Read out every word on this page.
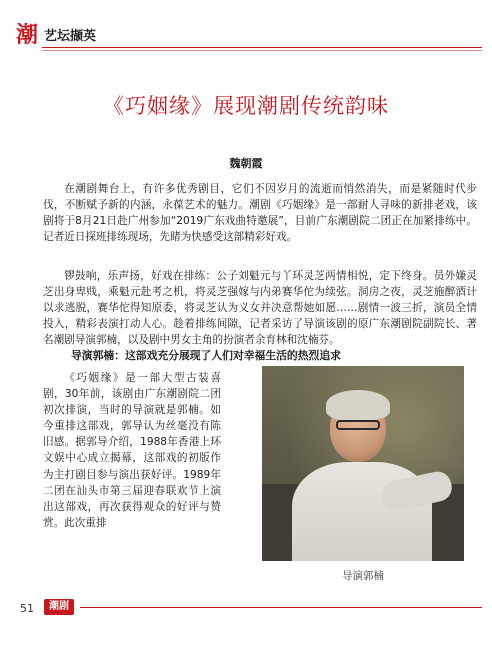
潮 艺坛撷英
《巧姻缘》展现潮剧传统韵味
魏朝霞

在潮剧舞台上，有许多优秀剧目，它们不因岁月的流逝而悄然消失，而是紧随时代步伐，不断赋予新的内涵，永葆艺术的魅力。潮剧《巧姻缘》是一部耐人寻味的新排老戏，该剧将于8月21日赴广州参加“2019广东戏曲特邀展”，目前广东潮剧院二团正在加紧排练中。记者近日探班排练现场，先睹为快感受这部精彩好戏。

锣鼓响，乐声扬，好戏在排练：公子刘魁元与丫环灵芝两情相悦，定下终身。员外嫌灵芝出身卑贱，乘魁元赴考之机，将灵芝强嫁与内弟赛华佗为续弦。洞房之夜，灵芝施醉酒计以求逃脱，赛华佗得知原委，将灵芝认为义女并决意帮她如愿……剧情一波三折，演员全情投入，精彩表演打动人心。趁着排练间隙，记者采访了导演该剧的原广东潮剧院副院长、著名潮剧导演郭楠，以及剧中男女主角的扮演者余育林和沈楠芬。

导演郭楠：这部戏充分展现了人们对幸福生活的热烈追求

《巧姻缘》是一部大型古装喜剧，30年前，该剧由广东潮剧院二团初次排演，当时的导演就是郭楠。如今重排这部戏，郭导认为丝毫没有陈旧感。据郭导介绍，1988年香港上环文娱中心成立揭幕，这部戏的初版作为主打剧目参与演出获好评。1989年二团在汕头市第三届迎春联欢节上演出这部戏，再次获得观众的好评与赞赏。此次重排

导演郭楠
51	潮剧
